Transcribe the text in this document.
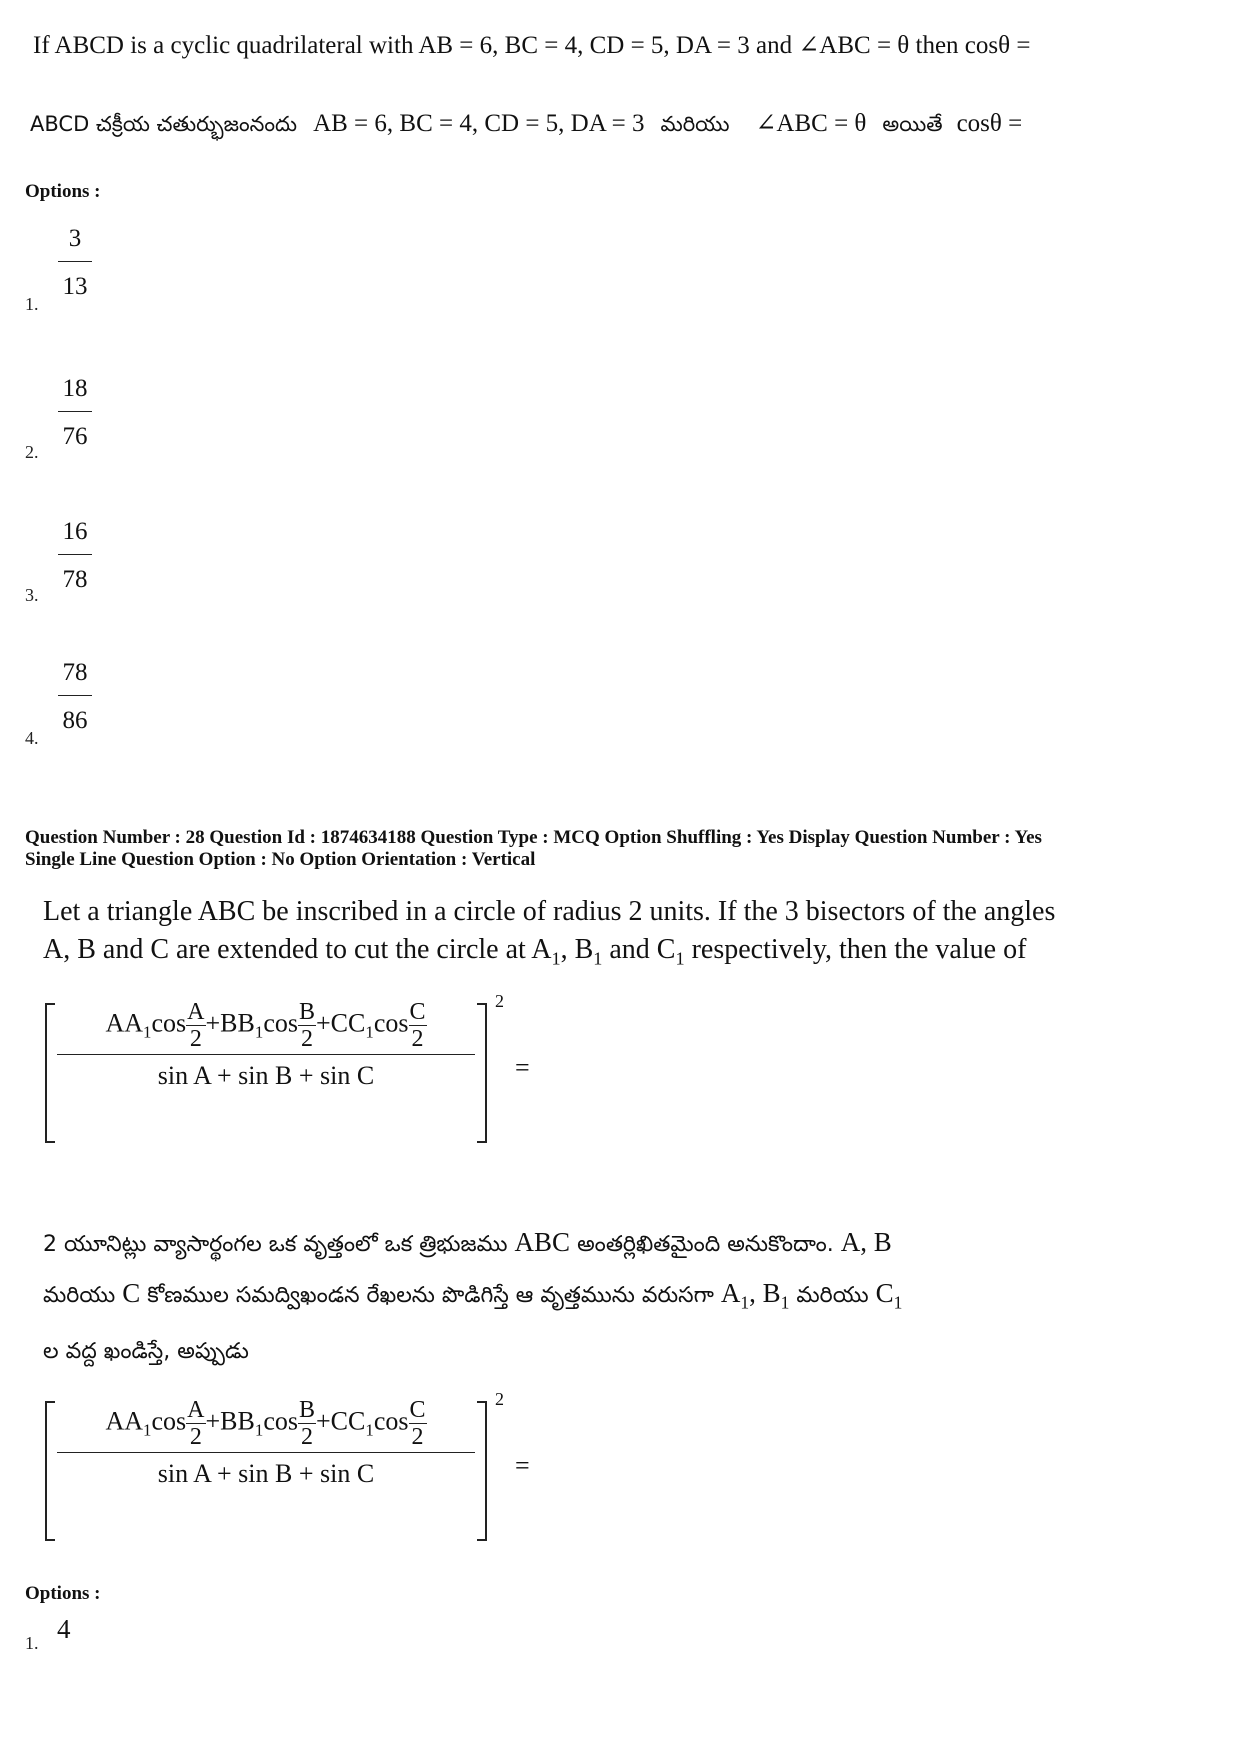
If ABCD is a cyclic quadrilateral with AB = 6, BC = 4, CD = 5, DA = 3 and ∠ABC = θ then cosθ =
ABCD చక్రీయ చతుర్భుజంనందు AB = 6, BC = 4, CD = 5, DA = 3 మరియు ∠ABC = θ అయితే cosθ =
Options :
1.
3
13
2.
18
76
3.
16
78
4.
78
86
Question Number : 28 Question Id : 1874634188 Question Type : MCQ Option Shuffling : Yes Display Question Number : Yes
Single Line Question Option : No Option Orientation : Vertical
Let a triangle ABC be inscribed in a circle of radius 2 units. If the 3 bisectors of the angles
A, B and C are extended to cut the circle at $A_1$, $B_1$ and $C_1$ respectively, then the value of
2
$\frac{AA_1\cos \frac{A}{2} +BB_1\cos \frac{B}{2} +CC_1\cos \frac{C}{2}}{\text{sin A + sin B + sin C}}$ =
2 యూనిట్లు వ్యాసార్థంగల ఒక వృత్తంలో ఒక త్రిభుజము ABC అంతర్లిఖితమైంది అనుకొందాం. A, B
మరియు C కోణముల సమద్విఖండన రేఖలను పొడిగిస్తే ఆ వృత్తమును వరుసగా $A_1$, $B_1$ మరియు $C_1$
ల వద్ద ఖండిస్తే, అప్పుడు
2
$\frac{AA_1\cos \frac{A}{2} +BB_1\cos \frac{B}{2} +CC_1\cos \frac{C}{2}}{\text{sin A + sin B + sin C}}$ =
Options :
1. 4
